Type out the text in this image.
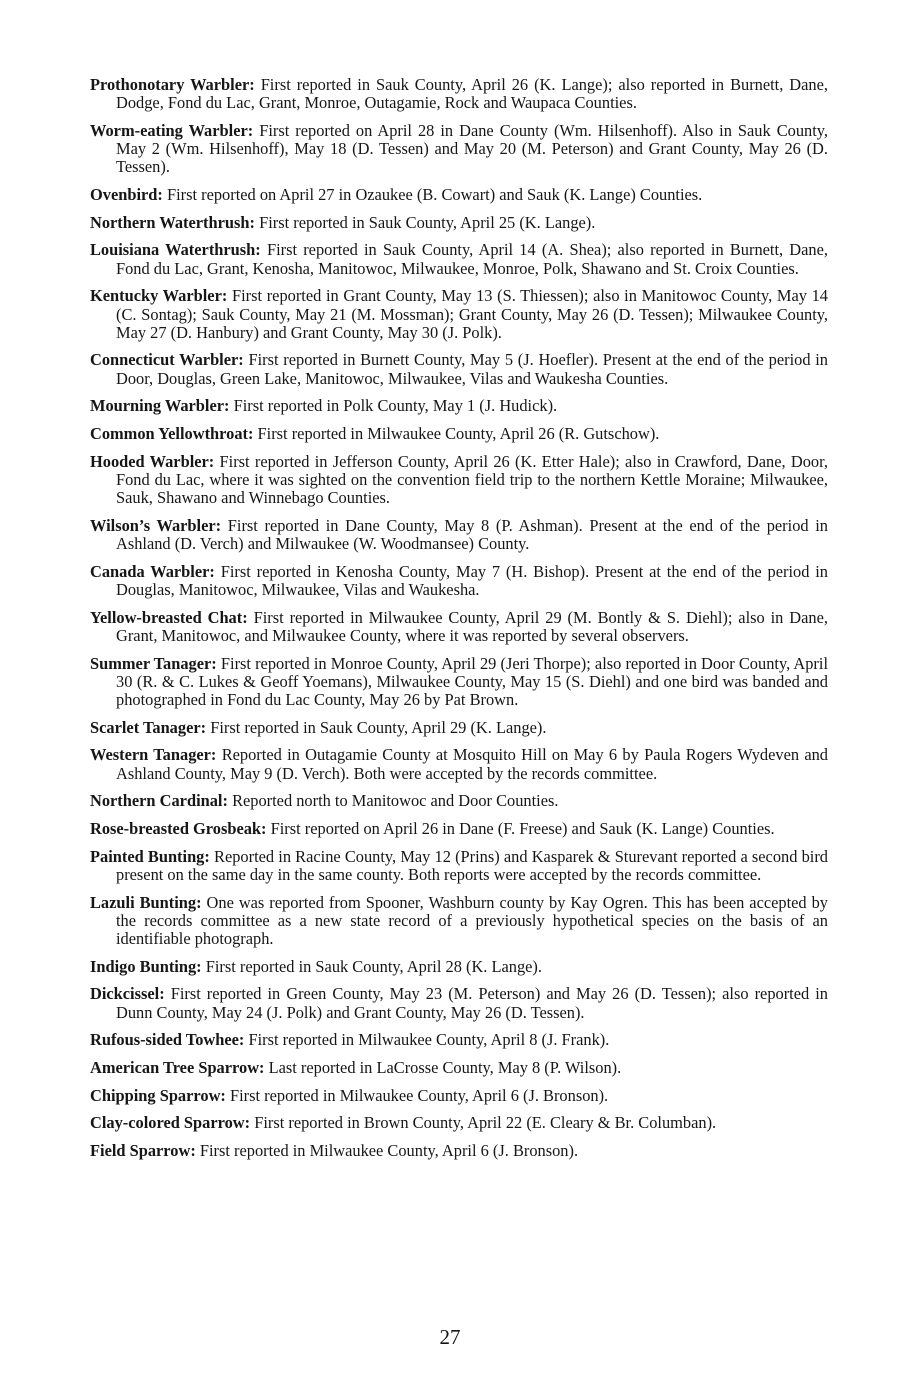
Prothonotary Warbler: First reported in Sauk County, April 26 (K. Lange); also reported in Burnett, Dane, Dodge, Fond du Lac, Grant, Monroe, Outagamie, Rock and Waupaca Counties.

Worm-eating Warbler: First reported on April 28 in Dane County (Wm. Hilsenhoff). Also in Sauk County, May 2 (Wm. Hilsenhoff), May 18 (D. Tessen) and May 20 (M. Peterson) and Grant County, May 26 (D. Tessen).

Ovenbird: First reported on April 27 in Ozaukee (B. Cowart) and Sauk (K. Lange) Counties.

Northern Waterthrush: First reported in Sauk County, April 25 (K. Lange).

Louisiana Waterthrush: First reported in Sauk County, April 14 (A. Shea); also reported in Burnett, Dane, Fond du Lac, Grant, Kenosha, Manitowoc, Milwaukee, Monroe, Polk, Shawano and St. Croix Counties.

Kentucky Warbler: First reported in Grant County, May 13 (S. Thiessen); also in Manitowoc County, May 14 (C. Sontag); Sauk County, May 21 (M. Mossman); Grant County, May 26 (D. Tessen); Milwaukee County, May 27 (D. Hanbury) and Grant County, May 30 (J. Polk).

Connecticut Warbler: First reported in Burnett County, May 5 (J. Hoefler). Present at the end of the period in Door, Douglas, Green Lake, Manitowoc, Milwaukee, Vilas and Waukesha Counties.

Mourning Warbler: First reported in Polk County, May 1 (J. Hudick).

Common Yellowthroat: First reported in Milwaukee County, April 26 (R. Gutschow).

Hooded Warbler: First reported in Jefferson County, April 26 (K. Etter Hale); also in Crawford, Dane, Door, Fond du Lac, where it was sighted on the convention field trip to the northern Kettle Moraine; Milwaukee, Sauk, Shawano and Winnebago Counties.

Wilson’s Warbler: First reported in Dane County, May 8 (P. Ashman). Present at the end of the period in Ashland (D. Verch) and Milwaukee (W. Woodmansee) County.

Canada Warbler: First reported in Kenosha County, May 7 (H. Bishop). Present at the end of the period in Douglas, Manitowoc, Milwaukee, Vilas and Waukesha.

Yellow-breasted Chat: First reported in Milwaukee County, April 29 (M. Bontly & S. Diehl); also in Dane, Grant, Manitowoc, and Milwaukee County, where it was reported by several observers.

Summer Tanager: First reported in Monroe County, April 29 (Jeri Thorpe); also reported in Door County, April 30 (R. & C. Lukes & Geoff Yoemans), Milwaukee County, May 15 (S. Diehl) and one bird was banded and photographed in Fond du Lac County, May 26 by Pat Brown.

Scarlet Tanager: First reported in Sauk County, April 29 (K. Lange).

Western Tanager: Reported in Outagamie County at Mosquito Hill on May 6 by Paula Rogers Wydeven and Ashland County, May 9 (D. Verch). Both were accepted by the records committee.

Northern Cardinal: Reported north to Manitowoc and Door Counties.

Rose-breasted Grosbeak: First reported on April 26 in Dane (F. Freese) and Sauk (K. Lange) Counties.

Painted Bunting: Reported in Racine County, May 12 (Prins) and Kasparek & Sturevant reported a second bird present on the same day in the same county. Both reports were accepted by the records committee.

Lazuli Bunting: One was reported from Spooner, Washburn county by Kay Ogren. This has been accepted by the records committee as a new state record of a previously hypothetical species on the basis of an identifiable photograph.

Indigo Bunting: First reported in Sauk County, April 28 (K. Lange).

Dickcissel: First reported in Green County, May 23 (M. Peterson) and May 26 (D. Tessen); also reported in Dunn County, May 24 (J. Polk) and Grant County, May 26 (D. Tessen).

Rufous-sided Towhee: First reported in Milwaukee County, April 8 (J. Frank).

American Tree Sparrow: Last reported in LaCrosse County, May 8 (P. Wilson).

Chipping Sparrow: First reported in Milwaukee County, April 6 (J. Bronson).

Clay-colored Sparrow: First reported in Brown County, April 22 (E. Cleary & Br. Columban).

Field Sparrow: First reported in Milwaukee County, April 6 (J. Bronson).

27
